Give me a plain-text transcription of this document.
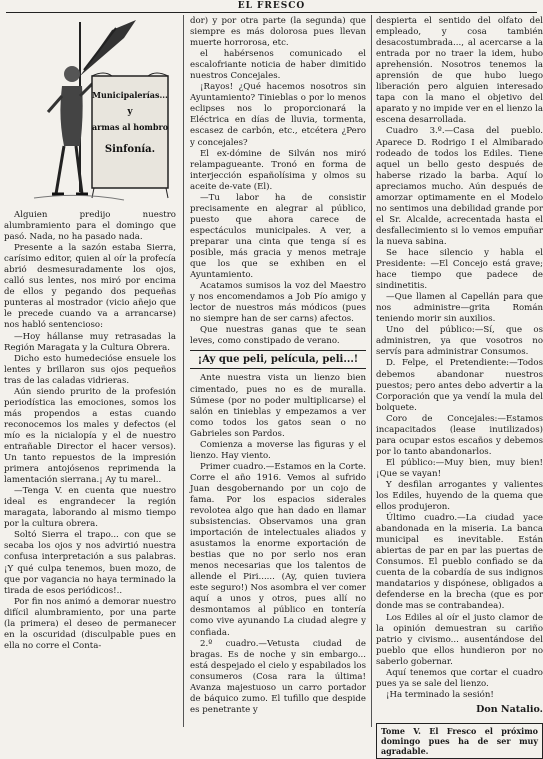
EL FRESCO
Municipalerías...
y
armas al hombro
Sinfonía.

Alguien predijo nuestro alumbramiento para el domingo que pasó. Nada, no ha pasado nada.

Presente a la sazón estaba Sierra, carísimo editor, quien al oír la profecía abrió desmesuradamente los ojos, calló sus lentes, nos miró por encima de ellos y pegando dos pequeñas punteras al mostrador (vicio añejo que le precede cuando va a arrancarse) nos habló sentencioso:

—Hoy hállanse muy retrasadas la Región Maragata y la Cultura Obrera.

Dicho esto humedecióse ensuele los lentes y brillaron sus ojos pequeños tras de las caladas vidrieras.

Aún siendo prurito de la profesión periodística las emociones, somos los más propendos a estas cuando reconocemos los males y defectos (el mío es la nicialopía y el de nuestro entrañable Director el hacer versos). Un tanto repuestos de la impresión primera antojósenos reprimenda la lamentación sierrana.¡ Ay tu marel..

—Tenga V. en cuenta que nuestro ideal es engrandecer la región maragata, laborando al mismo tiempo por la cultura obrera.

Soltó Sierra el trapo... con que se secaba los ojos y nos advirtió nuestra confusa interpretación a sus palabras. ¡Y qué culpa tenemos, buen mozo, de que por vagancia no haya terminado la tirada de esos periódicos!..

Por fin nos animó a demorar nuestro difícil alumbramiento, por una parte (la primera) el deseo de permanecer en la oscuridad (disculpable pues en ella no corre el Conta-

dor) y por otra parte (la segunda) que siempre es más dolorosa pues llevan muerte horrorosa, etc.

el habérsenos comunicado el escalofriante noticia de haber dimitido nuestros Concejales.

¡Rayos! ¿Qué hacemos nosotros sin Ayuntamiento? Tinieblas o por lo menos eclipses nos lo proporcionará la Eléctrica en días de lluvia, tormenta, escasez de carbón, etc., etcétera ¿Pero y concejales?

El ex-dómine de Silván nos miró relampagueante. Tronó en forma de interjección españolísima y olmos su aceite de-vate (El).

—Tu labor ha de consistir precisamente en alegrar al público, puesto que ahora carece de espectáculos municipales. A ver, a preparar una cinta que tenga sí es posible, más gracia y menos metraje que los que se exhiben en el Ayuntamiento.

Acatamos sumisos la voz del Maestro y nos encomendamos a Job Pío amigo y lector de nuestros más módicos (pues no siempre han de ser carns) afectos.

Que nuestras ganas que te sean leves, como constipado de verano.

¡Ay que peli, película, peli...!

Ante nuestra vista un lienzo bien cimentado, pues no es de muralla. Súmese (por no poder multiplicarse) el salón en tinieblas y empezamos a ver como todos los gatos sean o no Gabrieles son Pardos.

Comienza a moverse las figuras y el lienzo. Hay viento.

Primer cuadro.—Estamos en la Corte. Corre el año 1916. Vemos al sufrido Juan desgobernando por un cojo de fama. Por los espacios siderales revolotea algo que han dado en llamar subsistencias. Observamos una gran importación de intelectuales aliados y asustamos la enorme exportación de bestias que no por serlo nos eran menos necesarias que los talentos de allende el Piri...... (Ay, quien tuviera este seguro!) Nos asombra el ver comer aquí a unos y otros, pues allí no desmontamos al público en tontería como vive ayunando La ciudad alegre y confiada.

2.º cuadro.—Vetusta ciudad de bragas. Es de noche y sin embargo... está despejado el cielo y espabilados los consumeros (Cosa rara la última! Avanza majestuoso un carro portador de báquico zumo. El tufillo que despide es penetrante y

despierta el sentido del olfato del empleado, y cosa también desacostumbrada..., al acercarse a la entrada por no traer la idem, hubo aprehensión. Nosotros tenemos la aprensión de que hubo luego liberación pero alguien interesado tapa con la mano el objetivo del aparato y no impide ver en el lienzo la escena desarrollada.

Cuadro 3.º.—Casa del pueblo. Aparece D. Rodrigo I el Almibarado rodeado de todos los Ediles. Tiene aquel un bello gesto después de haberse rizado la barba. Aquí lo apreciamos mucho. Aún después de amorzar optimamente en el Modelo no sentimos una debilidad grande por el Sr. Alcalde, acrecentada hasta el desfallecimiento si lo vemos empuñar la nueva sabina.

Se hace silencio y habla el Presidente: —El Concejo está grave; hace tiempo que padece de sindinetitis.

—Que llamen al Capellán para que nos administre—grita Román teniendo morir sin auxilios.

Uno del público:—Sí, que os administren, ya que vosotros no servís para administrar Consumos.

D. Felpe, el Pretendiente:—Todos debemos abandonar nuestros puestos; pero antes debo advertir a la Corporación que ya vendí la mula del bolquete.

Coro de Concejales:—Estamos incapacitados (lease inutilizados) para ocupar estos escaños y debemos por lo tanto abandonarlos.

El público:—Muy bien, muy bien! ¡Que se vayan!

Y desfilan arrogantes y valientes los Ediles, huyendo de la quema que ellos produjeron.

Último cuadro.—La ciudad yace abandonada en la miseria. La banca municipal es inevitable. Están abiertas de par en par las puertas de Consumos. El pueblo confiado se da cuenta de la cobardía de sus indignos mandatarios y dispónese, obligados a defenderse en la brecha (que es por donde mas se contrabandea).

Los Ediles al oír el justo clamor de la opinión demuestran su cariño patrio y civismo... ausentándose del pueblo que ellos hundieron por no saberlo gobernar.

Aquí tenemos que cortar el cuadro pues ya se sale del lienzo.

¡Ha terminado la sesión!

Don Natalio.
Tome V. El Fresco el próximo domingo pues ha de ser muy agradable.
